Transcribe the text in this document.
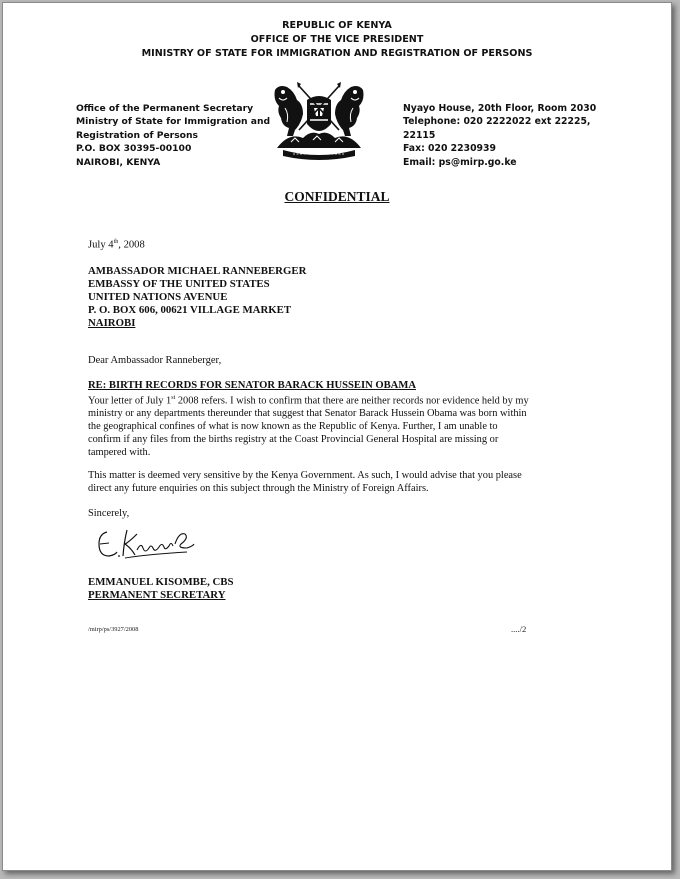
REPUBLIC OF KENYA
OFFICE OF THE VICE PRESIDENT
MINISTRY OF STATE FOR IMMIGRATION AND REGISTRATION OF PERSONS
Office of the Permanent Secretary
Ministry of State for Immigration and
Registration of Persons
P.O. BOX 30395-00100
NAIROBI, KENYA
Nyayo House, 20th Floor, Room 2030
Telephone: 020 2222022 ext 22225,
22115
Fax: 020 2230939
Email: ps@mirp.go.ke
CONFIDENTIAL
July 4th, 2008
AMBASSADOR MICHAEL RANNEBERGER
EMBASSY OF THE UNITED STATES
UNITED NATIONS AVENUE
P. O. BOX 606, 00621 VILLAGE MARKET
NAIROBI
Dear Ambassador Ranneberger,
RE: BIRTH RECORDS FOR SENATOR BARACK HUSSEIN OBAMA
Your letter of July 1st 2008 refers. I wish to confirm that there are neither records nor evidence held by my
ministry or any departments thereunder that suggest that Senator Barack Hussein Obama was born within
the geographical confines of what is now known as the Republic of Kenya. Further, I am unable to
confirm if any files from the births registry at the Coast Provincial General Hospital are missing or
tampered with.
This matter is deemed very sensitive by the Kenya Government. As such, I would advise that you please
direct any future enquiries on this subject through the Ministry of Foreign Affairs.
Sincerely,
EMMANUEL KISOMBE, CBS
PERMANENT SECRETARY
/mirp/ps/3927/2008	..../2
